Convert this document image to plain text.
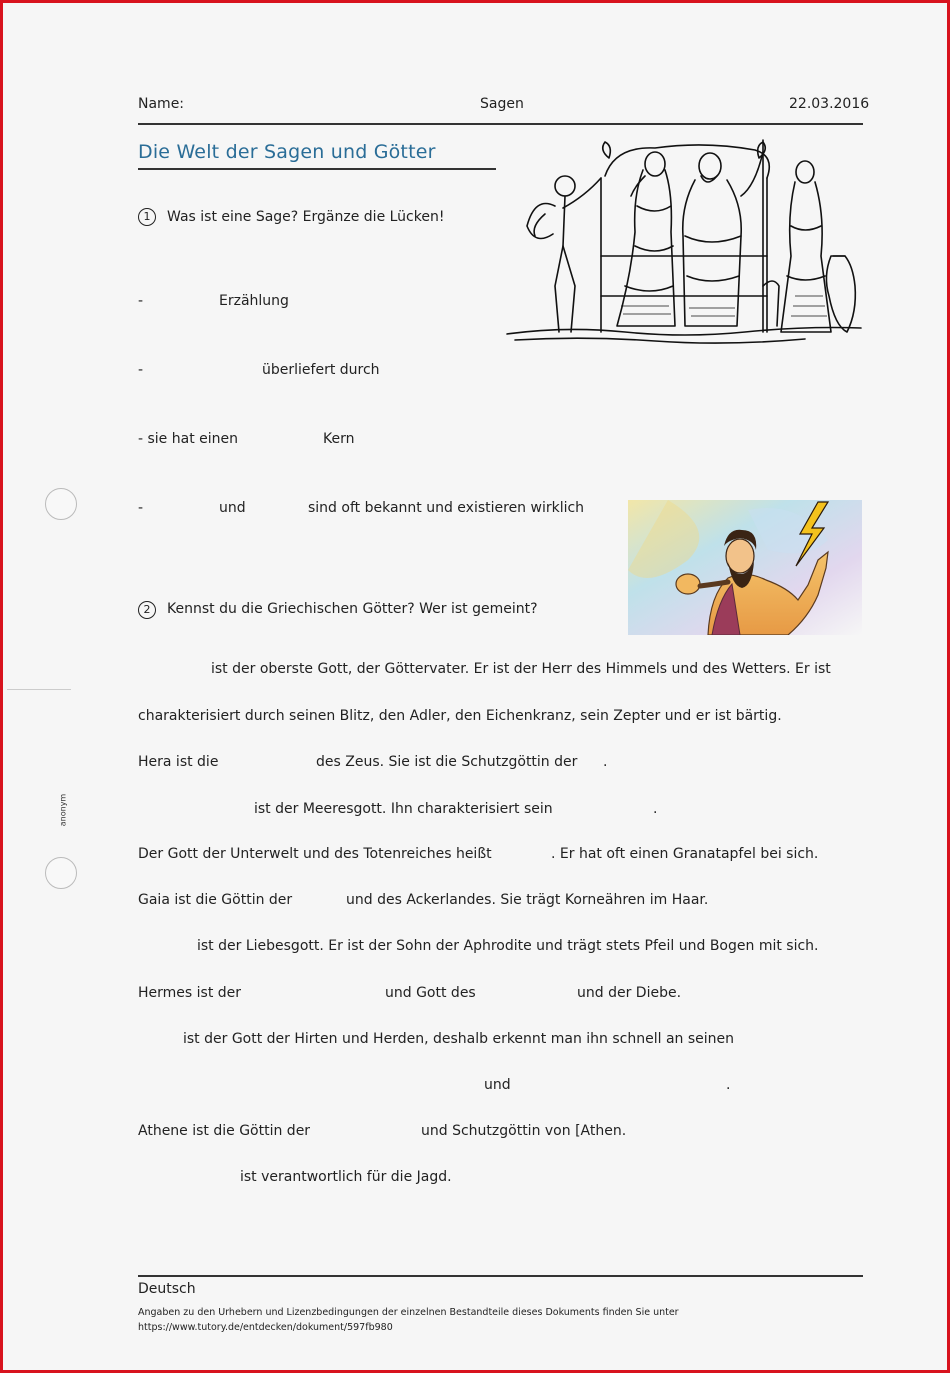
Name:	Sagen	22.03.2016
Die Welt der Sagen und Götter
1	Was ist eine Sage? Ergänze die Lücken!
-	Erzählung
-	überliefert durch
- sie hat einen	Kern
-	und	sind oft bekannt und existieren wirklich
2	Kennst du die Griechischen Götter? Wer ist gemeint?
ist der oberste Gott, der Göttervater. Er ist der Herr des Himmels und des Wetters. Er ist
charakterisiert durch seinen Blitz, den Adler, den Eichenkranz, sein Zepter und er ist bärtig.
Hera ist die	des Zeus. Sie ist die Schutzgöttin der .
ist der Meeresgott. Ihn charakterisiert sein	.
Der Gott der Unterwelt und des Totenreiches heißt	. Er hat oft einen Granatapfel bei sich.
Gaia ist die Göttin der	und des Ackerlandes. Sie trägt Korneähren im Haar.
ist der Liebesgott. Er ist der Sohn der Aphrodite und trägt stets Pfeil und Bogen mit sich.
Hermes ist der	und Gott des	und der Diebe.
ist der Gott der Hirten und Herden, deshalb erkennt man ihn schnell an seinen
und	.
Athene ist die Göttin der	und Schutzgöttin von [Athen.
ist verantwortlich für die Jagd.
anonym
Deutsch
Angaben zu den Urhebern und Lizenzbedingungen der einzelnen Bestandteile dieses Dokuments finden Sie unter
https://www.tutory.de/entdecken/dokument/597fb980
